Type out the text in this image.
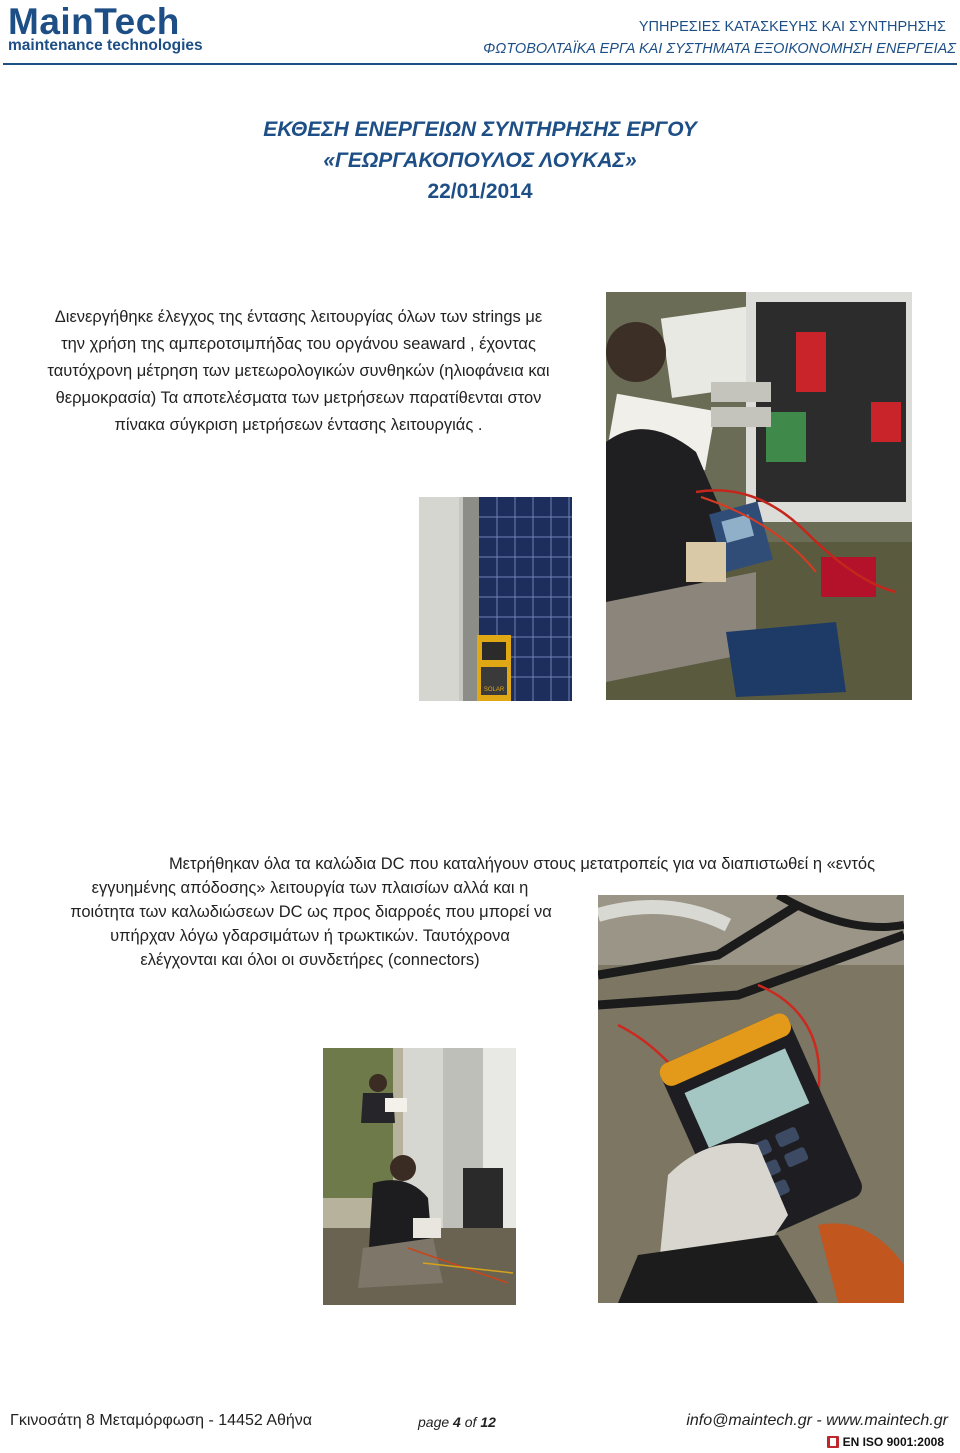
MainTech
maintenance technologies
ΥΠΗΡΕΣΙΕΣ ΚΑΤΑΣΚΕΥΗΣ ΚΑΙ ΣΥΝΤΗΡΗΣΗΣ
ΦΩΤΟΒΟΛΤΑΪΚΑ ΕΡΓΑ ΚΑΙ ΣΥΣΤΗΜΑΤΑ ΕΞΟΙΚΟΝΟΜΗΣΗ ΕΝΕΡΓΕΙΑΣ
ΕΚΘΕΣΗ ΕΝΕΡΓΕΙΩΝ ΣΥΝΤΗΡΗΣΗΣ ΕΡΓΟΥ
«ΓΕΩΡΓΑΚΟΠΟΥΛΟΣ ΛΟΥΚΑΣ»
22/01/2014
Διενεργήθηκε έλεγχος της έντασης λειτουργίας όλων των strings με
την χρήση της αμπεροτσιμπήδας του οργάνου seaward , έχοντας
ταυτόχρονη μέτρηση των μετεωρολογικών συνθηκών (ηλιοφάνεια και
θερμοκρασία) Τα αποτελέσματα των μετρήσεων παρατίθενται στον
πίνακα σύγκριση μετρήσεων έντασης λειτουργιάς .
SOLAR
Μετρήθηκαν όλα τα καλώδια DC που καταλήγουν στους μετατροπείς για να διαπιστωθεί η «εντός
εγγυημένης απόδοσης» λειτουργία των πλαισίων αλλά και η
ποιότητα των καλωδιώσεων DC ως προς διαρροές που μπορεί να
υπήρχαν λόγω γδαρσιμάτων ή τρωκτικών. Ταυτόχρονα
ελέγχονται και όλοι οι συνδετήρες (connectors)
Γκινοσάτη 8 Μεταμόρφωση - 14452 Αθήνα	page 4 of 12	info@maintech.gr - www.maintech.gr
EN ISO 9001:2008
